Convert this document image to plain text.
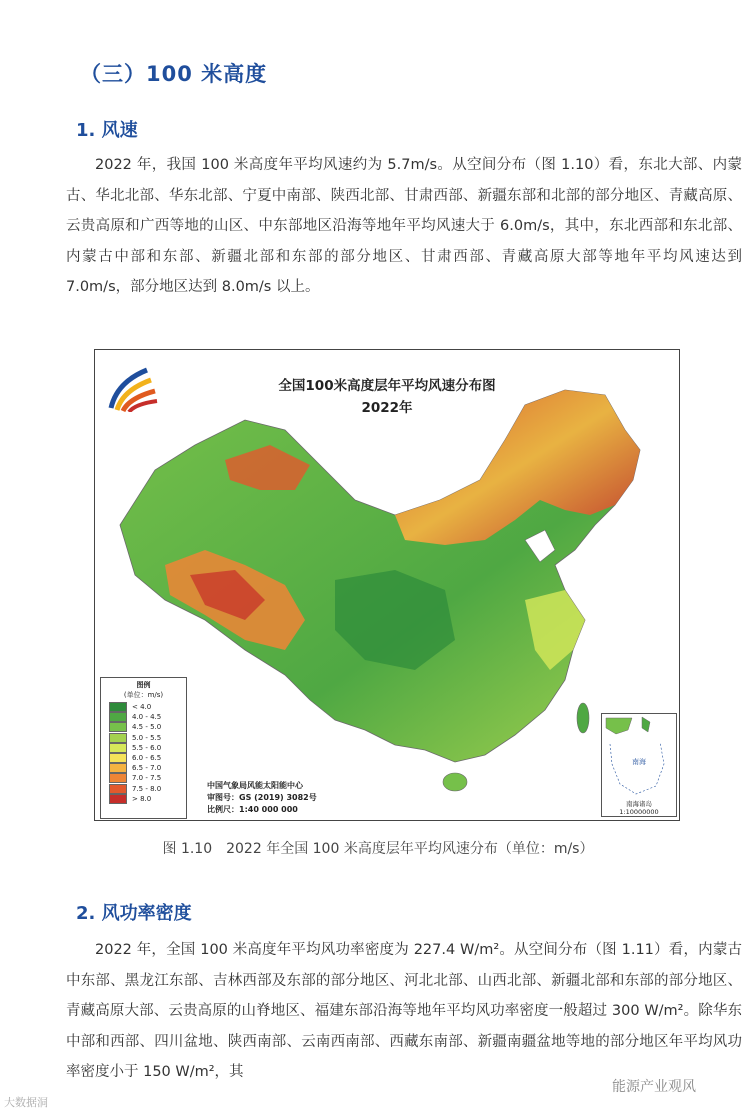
（三）100 米高度
1. 风速

2022 年，我国 100 米高度年平均风速约为 5.7m/s。从空间分布（图 1.10）看，东北大部、内蒙古、华北北部、华东北部、宁夏中南部、陕西北部、甘肃西部、新疆东部和北部的部分地区、青藏高原、云贵高原和广西等地的山区、中东部地区沿海等地年平均风速大于 6.0m/s，其中，东北西部和东北部、内蒙古中部和东部、新疆北部和东部的部分地区、甘肃西部、青藏高原大部等地年平均风速达到 7.0m/s，部分地区达到 8.0m/s 以上。

全国100米高度层年平均风速分布图
2022年
图例
(单位：m/s)
< 4.0
4.0 - 4.5
4.5 - 5.0
5.0 - 5.5
5.5 - 6.0
6.0 - 6.5
6.5 - 7.0
7.0 - 7.5
7.5 - 8.0
> 8.0
中国气象局风能太阳能中心
审图号：GS (2019) 3082号
比例尺：1:40 000 000
南海
南海诸岛
1:10000000
图 1.10　2022 年全国 100 米高度层年平均风速分布（单位：m/s）
2. 风功率密度

2022 年，全国 100 米高度年平均风功率密度为 227.4 W/m²。从空间分布（图 1.11）看，内蒙古中东部、黑龙江东部、吉林西部及东部的部分地区、河北北部、山西北部、新疆北部和东部的部分地区、青藏高原大部、云贵高原的山脊地区、福建东部沿海等地年平均风功率密度一般超过 300 W/m²。除华东中部和西部、四川盆地、陕西南部、云南西南部、西藏东南部、新疆南疆盆地等地的部分地区年平均风功率密度小于 150 W/m²，其

大数据洞
能源产业观风
